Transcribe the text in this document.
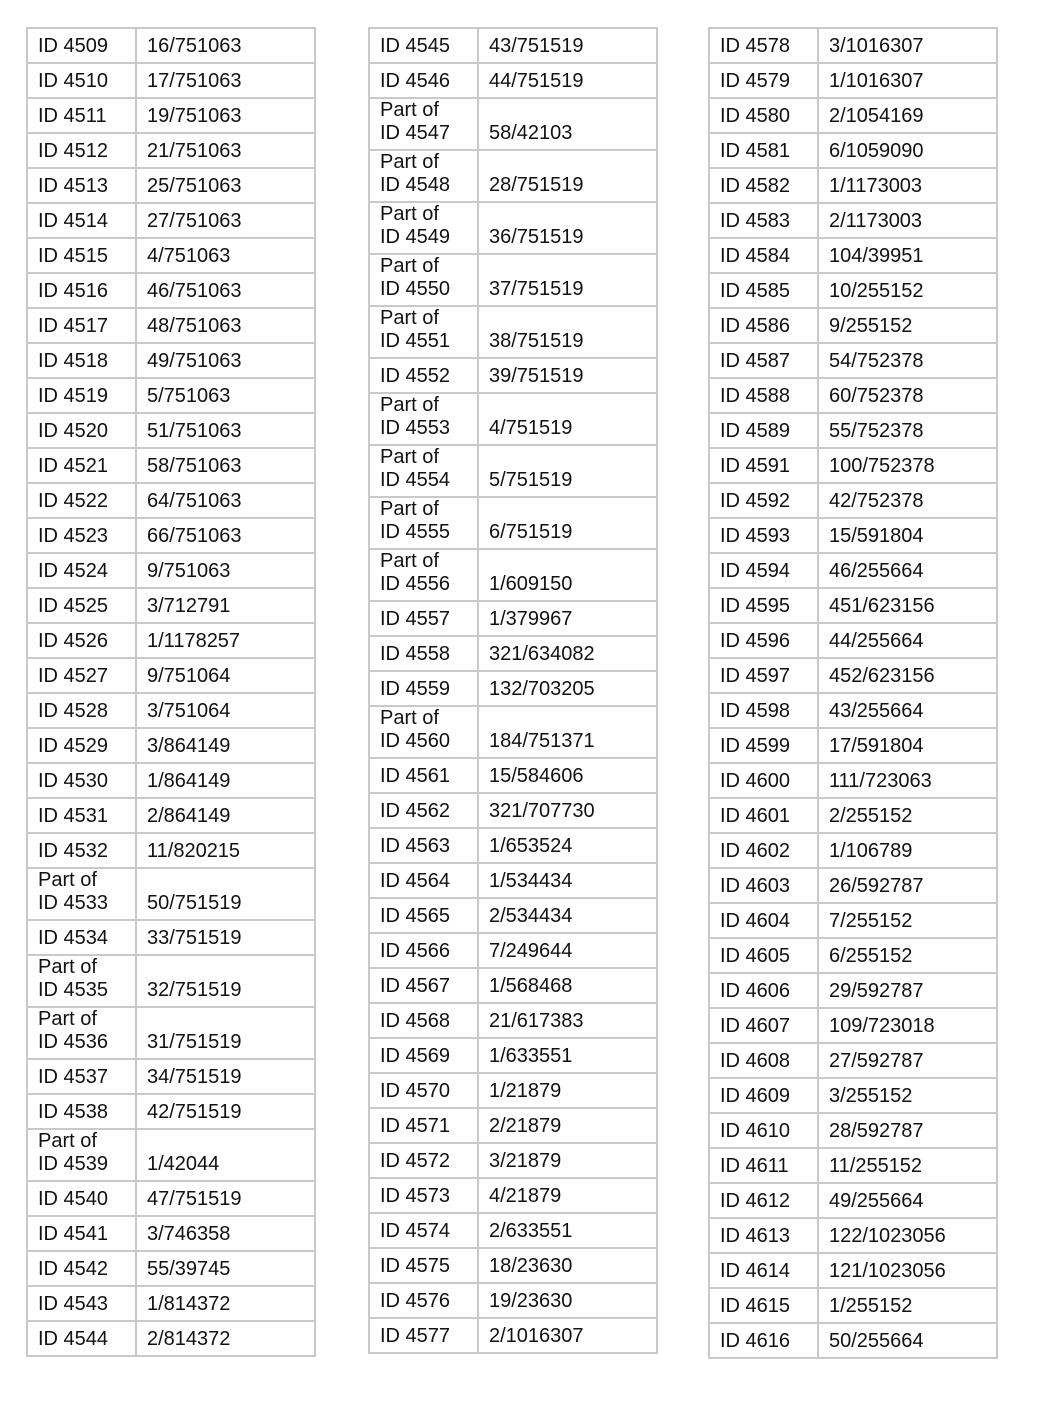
ID 4509	16/751063

ID 4510	17/751063

ID 4511	19/751063

ID 4512	21/751063

ID 4513	25/751063

ID 4514	27/751063

ID 4515	4/751063

ID 4516	46/751063

ID 4517	48/751063

ID 4518	49/751063

ID 4519	5/751063

ID 4520	51/751063

ID 4521	58/751063

ID 4522	64/751063

ID 4523	66/751063

ID 4524	9/751063

ID 4525	3/712791

ID 4526	1/1178257

ID 4527	9/751064

ID 4528	3/751064

ID 4529	3/864149

ID 4530	1/864149

ID 4531	2/864149

ID 4532	11/820215

Part of
ID 4533	50/751519

ID 4534	33/751519

Part of
ID 4535	32/751519

Part of
ID 4536	31/751519

ID 4537	34/751519

ID 4538	42/751519

Part of
ID 4539	1/42044

ID 4540	47/751519

ID 4541	3/746358

ID 4542	55/39745

ID 4543	1/814372

ID 4544	2/814372
ID 4545	43/751519

ID 4546	44/751519

Part of
ID 4547	58/42103

Part of
ID 4548	28/751519

Part of
ID 4549	36/751519

Part of
ID 4550	37/751519

Part of
ID 4551	38/751519

ID 4552	39/751519

Part of
ID 4553	4/751519

Part of
ID 4554	5/751519

Part of
ID 4555	6/751519

Part of
ID 4556	1/609150

ID 4557	1/379967

ID 4558	321/634082

ID 4559	132/703205

Part of
ID 4560	184/751371

ID 4561	15/584606

ID 4562	321/707730

ID 4563	1/653524

ID 4564	1/534434

ID 4565	2/534434

ID 4566	7/249644

ID 4567	1/568468

ID 4568	21/617383

ID 4569	1/633551

ID 4570	1/21879

ID 4571	2/21879

ID 4572	3/21879

ID 4573	4/21879

ID 4574	2/633551

ID 4575	18/23630

ID 4576	19/23630

ID 4577	2/1016307
ID 4578	3/1016307

ID 4579	1/1016307

ID 4580	2/1054169

ID 4581	6/1059090

ID 4582	1/1173003

ID 4583	2/1173003

ID 4584	104/39951

ID 4585	10/255152

ID 4586	9/255152

ID 4587	54/752378

ID 4588	60/752378

ID 4589	55/752378

ID 4591	100/752378

ID 4592	42/752378

ID 4593	15/591804

ID 4594	46/255664

ID 4595	451/623156

ID 4596	44/255664

ID 4597	452/623156

ID 4598	43/255664

ID 4599	17/591804

ID 4600	111/723063

ID 4601	2/255152

ID 4602	1/106789

ID 4603	26/592787

ID 4604	7/255152

ID 4605	6/255152

ID 4606	29/592787

ID 4607	109/723018

ID 4608	27/592787

ID 4609	3/255152

ID 4610	28/592787

ID 4611	11/255152

ID 4612	49/255664

ID 4613	122/1023056

ID 4614	121/1023056

ID 4615	1/255152

ID 4616	50/255664
